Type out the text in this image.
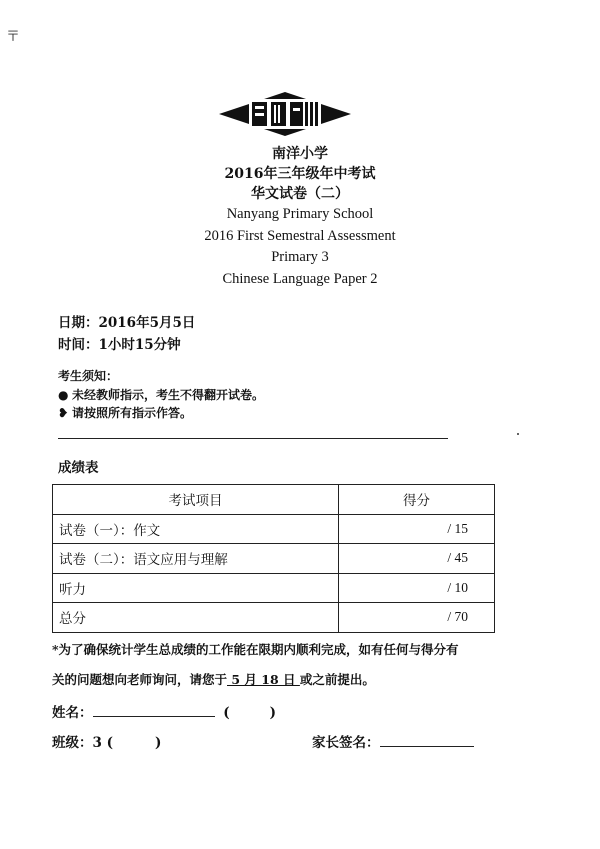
〒
南洋小学
2016年三年级年中考试
华文试卷（二）
Nanyang Primary School
2016 First Semestral Assessment
Primary 3
Chinese Language Paper 2
日期：2016年5月5日
时间：1小时15分钟
考生须知：
● 未经教师指示，考生不得翻开试卷。
❥ 请按照所有指示作答。
成绩表
考试项目	得分
试卷（一）：作文	/ 15
试卷（二）：语文应用与理解	/ 45
听力	/ 10
总分	/ 70
*为了确保统计学生总成绩的工作能在限期内顺利完成，如有任何与得分有
关的问题想向老师询问，请您于 5 月 18 日 或之前提出。
姓名：	(	)
班级：3 (	)	家长签名：
